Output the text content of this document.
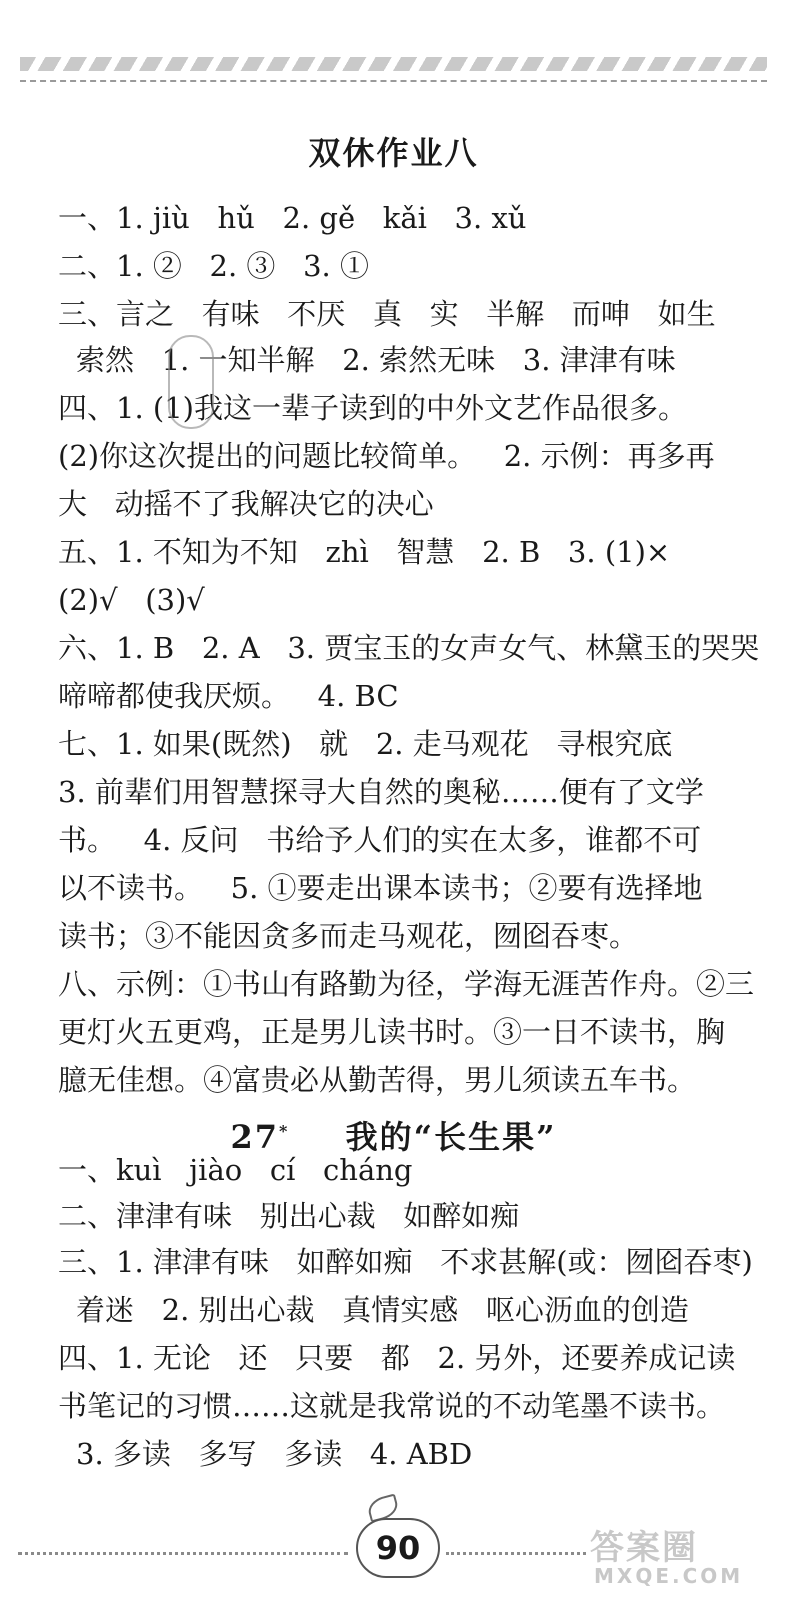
双休作业八
一、1. jiù   hǔ   2. gě   kǎi   3. xǔ
二、1. ②   2. ③   3. ①
三、言之   有味   不厌   真   实   半解   而呻   如生
索然   1. 一知半解   2. 索然无味   3. 津津有味
四、1. (1)我这一辈子读到的中外文艺作品很多。
(2)你这次提出的问题比较简单。   2. 示例：再多再
大   动摇不了我解决它的决心
五、1. 不知为不知   zhì   智慧   2. B   3. (1)×
(2)√   (3)√
六、1. B   2. A   3. 贾宝玉的女声女气、林黛玉的哭哭
啼啼都使我厌烦。   4. BC
七、1. 如果(既然)   就   2. 走马观花   寻根究底
3. 前辈们用智慧探寻大自然的奥秘……便有了文学
书。   4. 反问   书给予人们的实在太多，谁都不可
以不读书。   5. ①要走出课本读书；②要有选择地
读书；③不能因贪多而走马观花，囫囵吞枣。
八、示例：①书山有路勤为径，学海无涯苦作舟。②三
更灯火五更鸡，正是男儿读书时。③一日不读书，胸
臆无佳想。④富贵必从勤苦得，男儿须读五车书。
27* 我的“长生果”
一、kuì   jiào   cí   cháng
二、津津有味   别出心裁   如醉如痴
三、1. 津津有味   如醉如痴   不求甚解(或：囫囵吞枣)
着迷   2. 别出心裁   真情实感   呕心沥血的创造
四、1. 无论   还   只要   都   2. 另外，还要养成记读
书笔记的习惯……这就是我常说的不动笔墨不读书。
3. 多读   多写   多读   4. ABD
90	答案圈
MXQE.COM
